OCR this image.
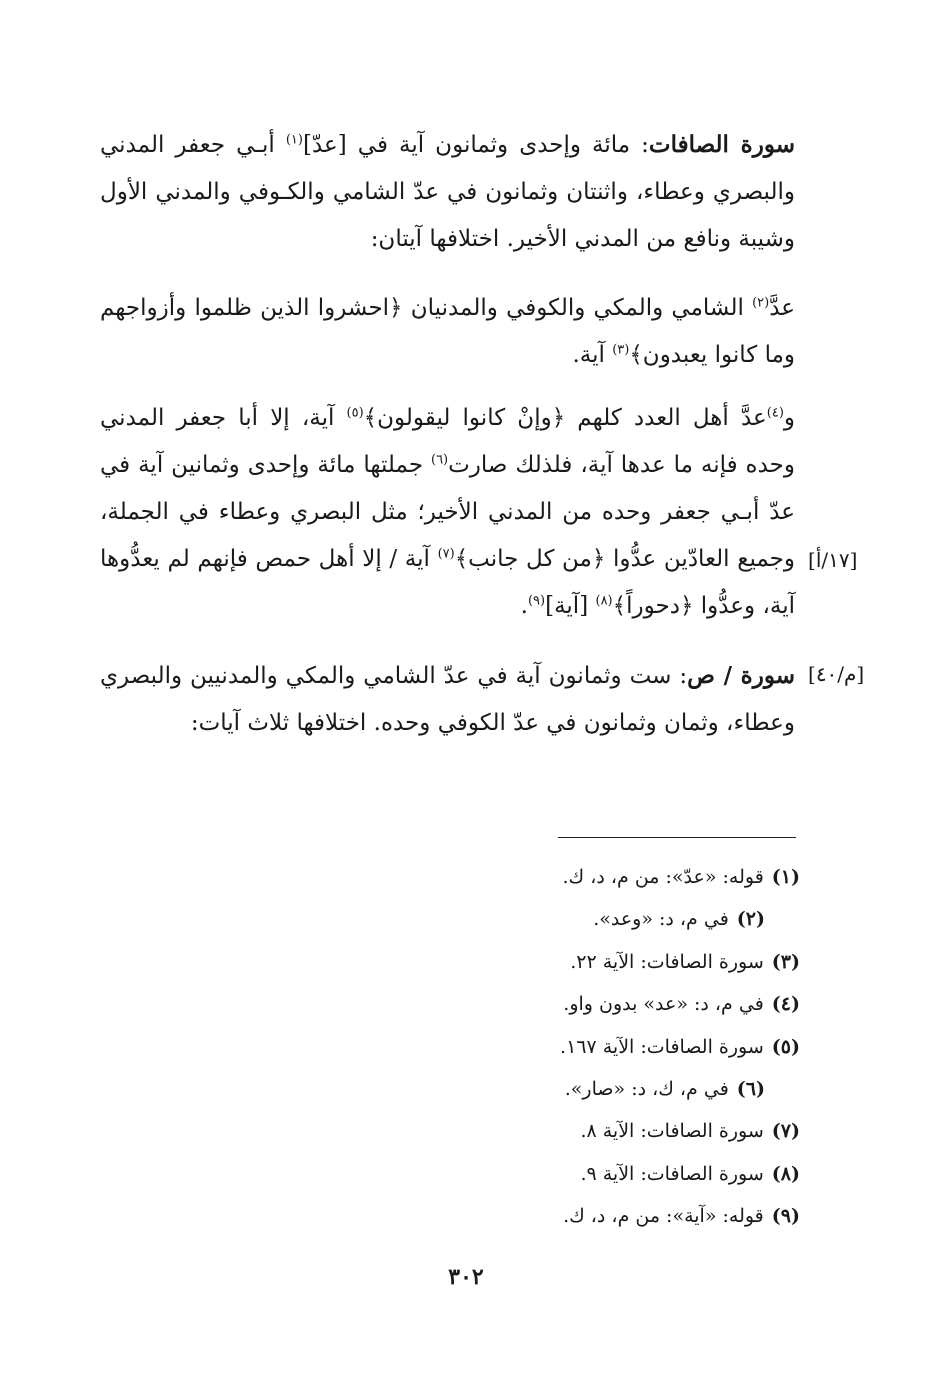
سورة الصافات: مائة وإحدى وثمانون آية في [عدّ]$^{(١)}$ أبـي جعفر المدني والبصري وعطاء، واثنتان وثمانون في عدّ الشامي والكـوفي والمدني الأول وشيبة ونافع من المدني الأخير. اختلافها آيتان:
عدَّ$^{(٢)}$ الشامي والمكي والكوفي والمدنيان ﴿احشروا الذين ظلموا وأزواجهم وما كانوا يعبدون﴾$^{(٣)}$ آية.
و$^{(٤)}$عدَّ أهل العدد كلهم ﴿وإنْ كانوا ليقولون﴾$^{(٥)}$ آية، إلا أبا جعفر المدني وحده فإنه ما عدها آية، فلذلك صارت$^{(٦)}$ جملتها مائة وإحدى وثمانين آية في عدّ أبـي جعفر وحده من المدني الأخير؛ مثل البصري وعطاء في الجملة، وجميع العادّين عدُّوا ﴿من كل جانب﴾$^{(٧)}$ آية / إلا أهل حمص فإنهم لم يعدُّوها آية، وعدُّوا ﴿دحوراً﴾$^{(٨)}$ [آية]$^{(٩)}$.
سورة / ص: ست وثمانون آية في عدّ الشامي والمكي والمدنيين والبصري وعطاء، وثمان وثمانون في عدّ الكوفي وحده. اختلافها ثلاث آيات:
[١٧/أ]
[م/٤٠]
(١)قوله: «عدّ»: من م، د، ك.
(٢)في م، د: «وعد».
(٣)سورة الصافات: الآية ٢٢.
(٤)في م، د: «عد» بدون واو.
(٥)سورة الصافات: الآية ١٦٧.
(٦)في م، ك، د: «صار».
(٧)سورة الصافات: الآية ٨.
(٨)سورة الصافات: الآية ٩.
(٩)قوله: «آية»: من م، د، ك.
٣٠٢
